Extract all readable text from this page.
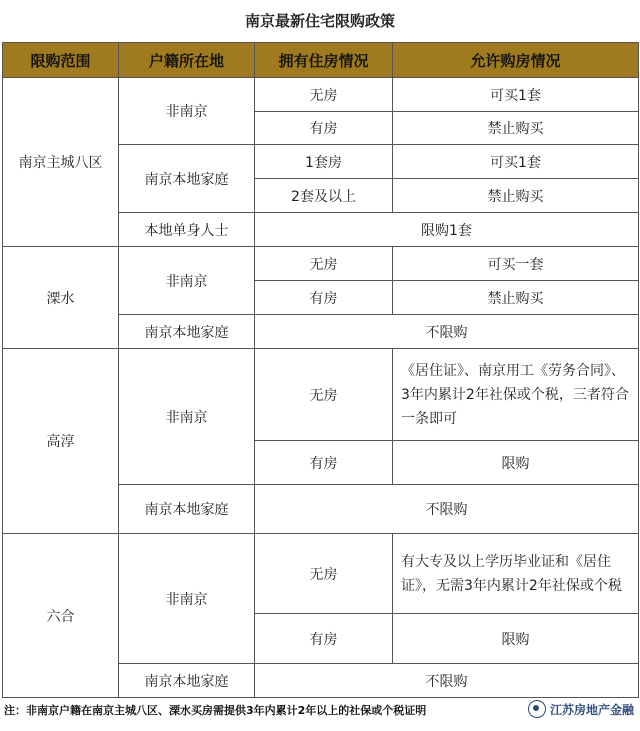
南京最新住宅限购政策
限购范围	户籍所在地	拥有住房情况	允许购房情况
南京主城八区	非南京	无房	可买1套
		有房	禁止购买
	南京本地家庭	1套房	可买1套
		2套及以上	禁止购买
	本地单身人士	限购1套	
溧水	非南京	无房	可买一套
		有房	禁止购买
	南京本地家庭	不限购	
高淳	非南京	无房	《居住证》、南京用工《劳务合同》、3年内累计2年社保或个税，三者符合一条即可
		有房	限购
	南京本地家庭	不限购	
六合	非南京	无房	有大专及以上学历毕业证和《居住证》，无需3年内累计2年社保或个税
		有房	限购
	南京本地家庭	不限购	
注：非南京户籍在南京主城八区、溧水买房需提供3年内累计2年以上的社保或个税证明	江苏房地产金融
